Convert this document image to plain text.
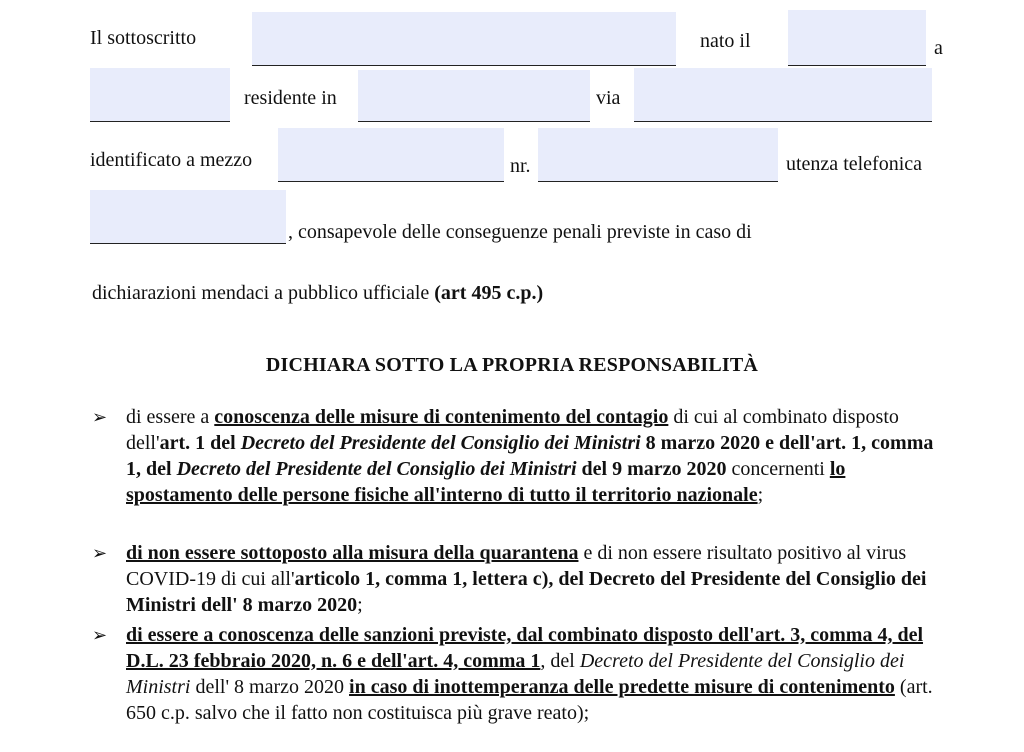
Il sottoscritto	nato il	a
residente in	via
identificato a mezzo	nr.	utenza telefonica
, consapevole delle conseguenze penali previste in caso di
dichiarazioni mendaci a pubblico ufficiale (art 495 c.p.)
DICHIARA SOTTO LA PROPRIA RESPONSABILITÀ
➢ di essere a conoscenza delle misure di contenimento del contagio di cui al combinato disposto dell'art. 1 del Decreto del Presidente del Consiglio dei Ministri 8 marzo 2020 e dell'art. 1, comma 1, del Decreto del Presidente del Consiglio dei Ministri del 9 marzo 2020 concernenti lo spostamento delle persone fisiche all'interno di tutto il territorio nazionale;
➢ di non essere sottoposto alla misura della quarantena e di non essere risultato positivo al virus COVID-19 di cui all'articolo 1, comma 1, lettera c), del Decreto del Presidente del Consiglio dei Ministri dell' 8 marzo 2020;
➢ di essere a conoscenza delle sanzioni previste, dal combinato disposto dell'art. 3, comma 4, del D.L. 23 febbraio 2020, n. 6 e dell'art. 4, comma 1, del Decreto del Presidente del Consiglio dei Ministri dell' 8 marzo 2020 in caso di inottemperanza delle predette misure di contenimento (art. 650 c.p. salvo che il fatto non costituisca più grave reato);
